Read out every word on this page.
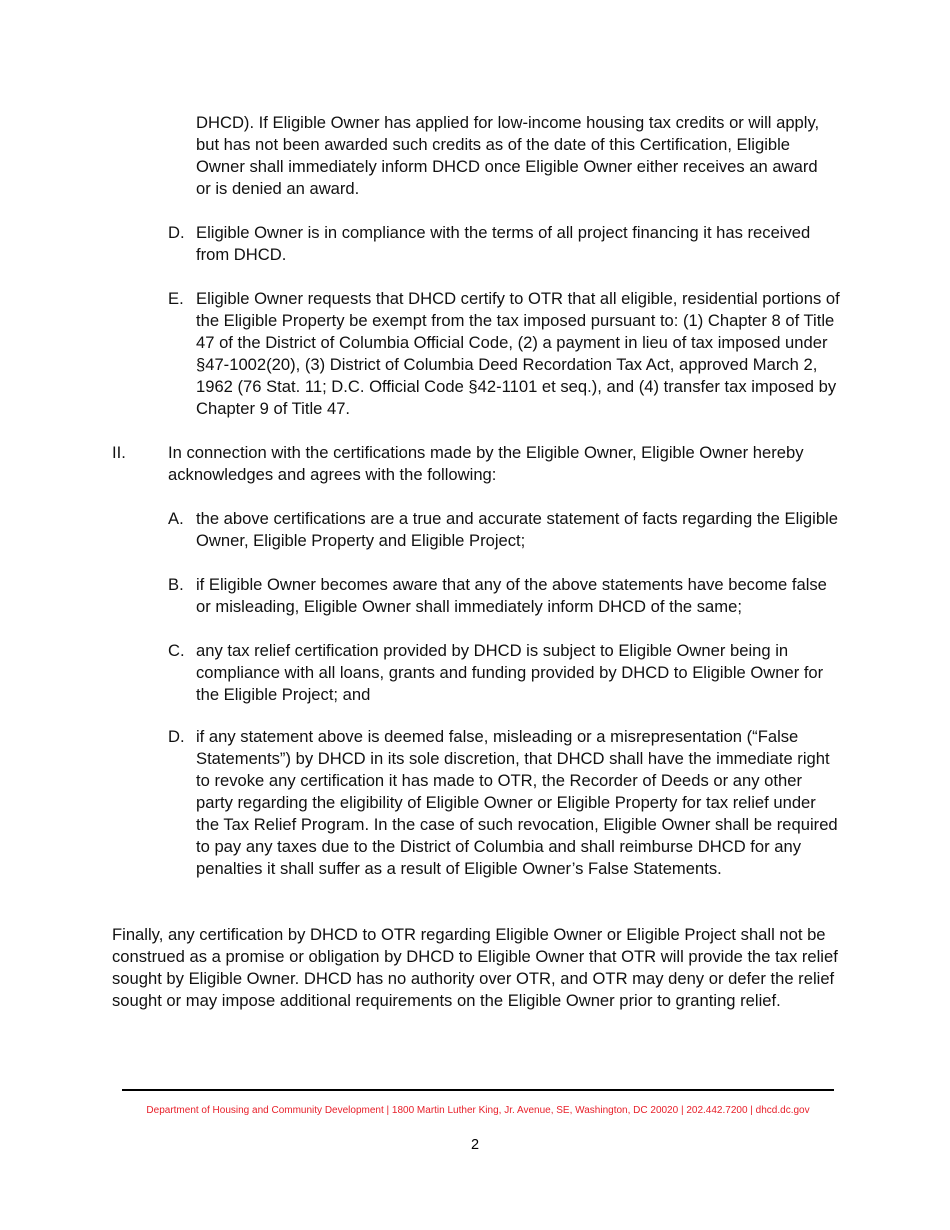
DHCD). If Eligible Owner has applied for low-income housing tax credits or will apply, but has not been awarded such credits as of the date of this Certification, Eligible Owner shall immediately inform DHCD once Eligible Owner either receives an award or is denied an award.

D. Eligible Owner is in compliance with the terms of all project financing it has received from DHCD.

E. Eligible Owner requests that DHCD certify to OTR that all eligible, residential portions of the Eligible Property be exempt from the tax imposed pursuant to: (1) Chapter 8 of Title 47 of the District of Columbia Official Code, (2) a payment in lieu of tax imposed under §47-1002(20), (3) District of Columbia Deed Recordation Tax Act, approved March 2, 1962 (76 Stat. 11; D.C. Official Code §42-1101 et seq.), and (4) transfer tax imposed by Chapter 9 of Title 47.

II.	In connection with the certifications made by the Eligible Owner, Eligible Owner hereby acknowledges and agrees with the following:

A. the above certifications are a true and accurate statement of facts regarding the Eligible Owner, Eligible Property and Eligible Project;

B. if Eligible Owner becomes aware that any of the above statements have become false or misleading, Eligible Owner shall immediately inform DHCD of the same;

C. any tax relief certification provided by DHCD is subject to Eligible Owner being in compliance with all loans, grants and funding provided by DHCD to Eligible Owner for the Eligible Project; and

D. if any statement above is deemed false, misleading or a misrepresentation (“False Statements”) by DHCD in its sole discretion, that DHCD shall have the immediate right to revoke any certification it has made to OTR, the Recorder of Deeds or any other party regarding the eligibility of Eligible Owner or Eligible Property for tax relief under the Tax Relief Program. In the case of such revocation, Eligible Owner shall be required to pay any taxes due to the District of Columbia and shall reimburse DHCD for any penalties it shall suffer as a result of Eligible Owner’s False Statements.

Finally, any certification by DHCD to OTR regarding Eligible Owner or Eligible Project shall not be construed as a promise or obligation by DHCD to Eligible Owner that OTR will provide the tax relief sought by Eligible Owner. DHCD has no authority over OTR, and OTR may deny or defer the relief sought or may impose additional requirements on the Eligible Owner prior to granting relief.

Department of Housing and Community Development | 1800 Martin Luther King, Jr. Avenue, SE, Washington, DC 20020 | 202.442.7200 | dhcd.dc.gov
2
